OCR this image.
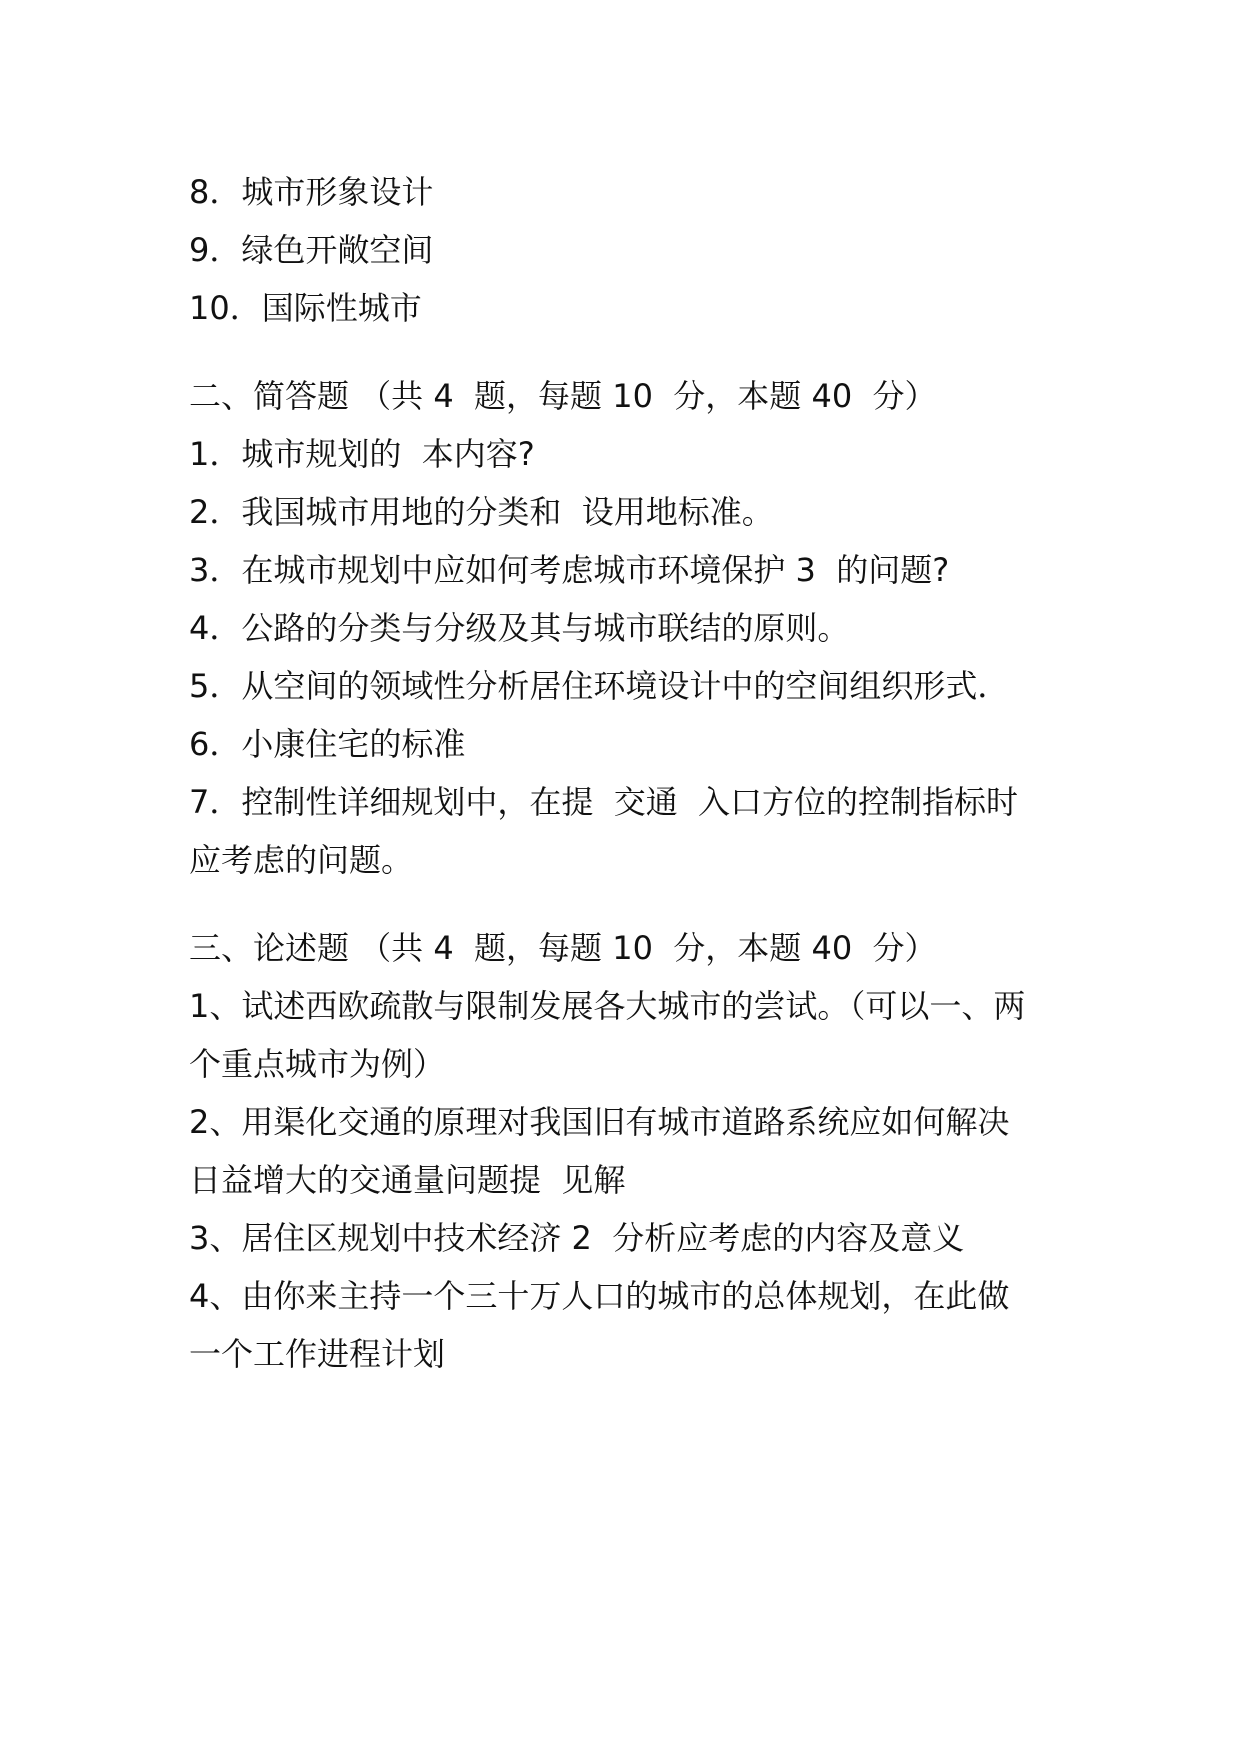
8．城市形象设计

9．绿色开敞空间

10．国际性城市

二、简答题 （共 4  题，每题 10  分，本题 40  分）

1．城市规划的  本内容?

2．我国城市用地的分类和  设用地标准。

3．在城市规划中应如何考虑城市环境保护 3  的问题?

4．公路的分类与分级及其与城市联结的原则。

5．从空间的领域性分析居住环境设计中的空间组织形式．

6．小康住宅的标准

7．控制性详细规划中，在提  交通  入口方位的控制指标时

应考虑的问题。

三、论述题 （共 4  题，每题 10  分，本题 40  分）

1、试述西欧疏散与限制发展各大城市的尝试。（可以一、两

个重点城市为例）

2、用渠化交通的原理对我国旧有城市道路系统应如何解决

日益增大的交通量问题提  见解

3、居住区规划中技术经济 2  分析应考虑的内容及意义

4、由你来主持一个三十万人口的城市的总体规划，在此做

一个工作进程计划
